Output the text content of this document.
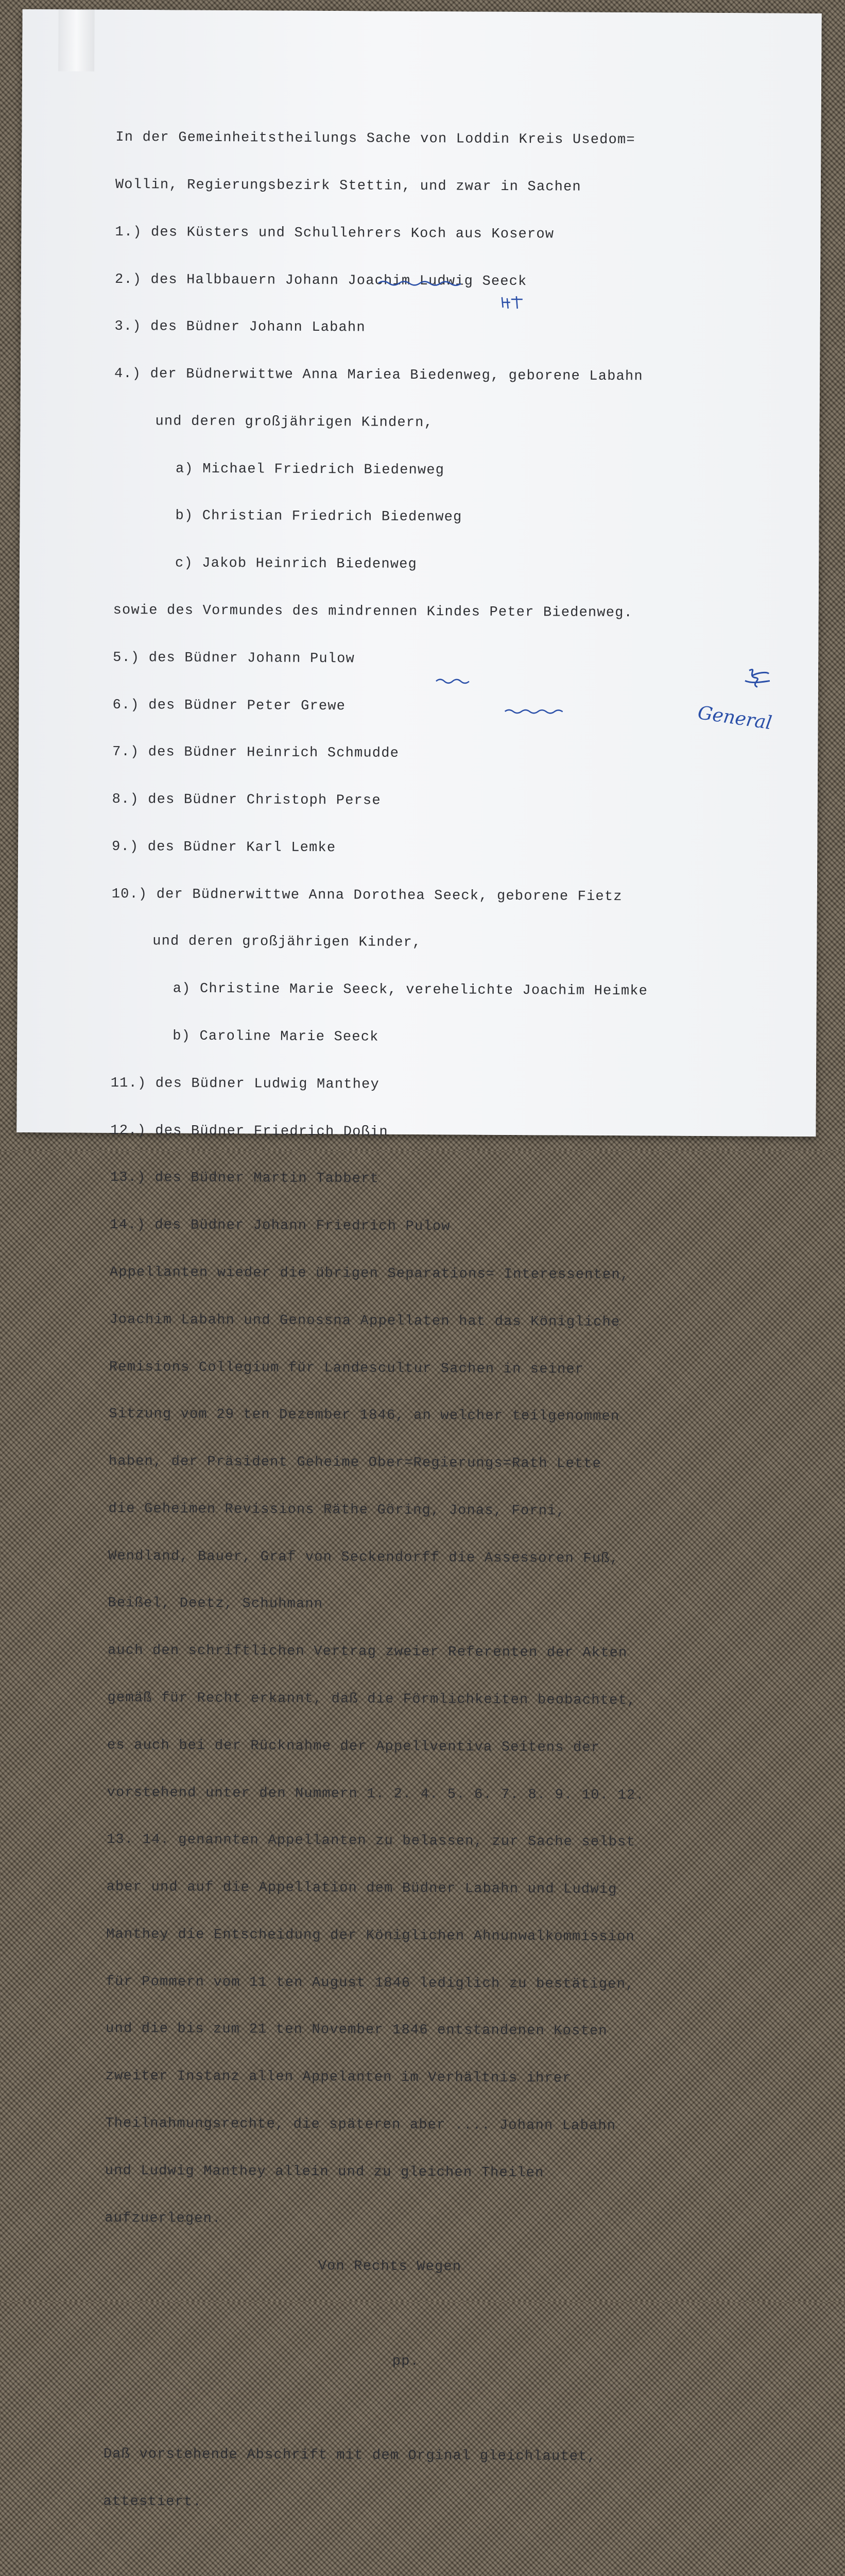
In der Gemeinheitstheilungs Sache von Loddin Kreis Usedom=

Wollin, Regierungsbezirk Stettin, und zwar in Sachen

1.) des Küsters und Schullehrers Koch aus Koserow

2.) des Halbbauern Johann Joachim Ludwig Seeck

3.) des Büdner Johann Labahn

4.) der Büdnerwittwe Anna Mariea Biedenweg, geborene Labahn

und deren großjährigen Kindern,

a) Michael Friedrich Biedenweg

b) Christian Friedrich Biedenweg

c) Jakob Heinrich Biedenweg

sowie des Vormundes des mindrennen Kindes Peter Biedenweg.

5.) des Büdner Johann Pulow

6.) des Büdner Peter Grewe

7.) des Büdner Heinrich Schmudde

8.) des Büdner Christoph Perse

9.) des Büdner Karl Lemke

10.) der Büdnerwittwe Anna Dorothea Seeck, geborene Fietz

und deren großjährigen Kinder,

a) Christine Marie Seeck, verehelichte Joachim Heimke

b) Caroline Marie Seeck

11.) des Büdner Ludwig Manthey

12.) des Büdner Friedrich Doßin

13.) des Büdner Martin Tabbert

14.) des Büdner Johann Friedrich Pulow

Appellanten wieder die übrigen Separations= Interessenten,

Joachim Labahn und Genossna Appellaten hat das Königliche

Remisions Collegium für Landescultur Sachen in seiner

Sitzung vom 29 ten Dezember 1846, an welcher teilgenommen

haben, der Präsident Geheime Ober=Regierungs=Rath Lette

die Geheimen Revissions Räthe Göring, Jonas, Forni,

Wendland, Bauer, Graf von Seckendorff die Assessoren Fuß,

Beißel, Deetz, Schuhmann

auch den schriftlichen Vertrag zweier Referenten der Akten

gemäß für Recht erkannt, daß die Förmlichkeiten beobachtet,

es auch bei der Rücknahme der Appellventiva Seitens der

vorstehend unter den Nummern 1. 2. 4. 5. 6. 7. 8. 9. 10. 12.

13. 14. genannten Appellanten zu belassen, zur Sache selbst

aber und auf die Appellation dem Büdner Labahn und Ludwig

Manthey die Entscheidung der Königlichen Ahnunwalkommission

für Pommern vom 11 ten August 1846 lediglich zu bestätigen,

und die bis zum 21 ten November 1846 entstandenen Kosten

zweiter Instanz allen Appelanten im Verhältnis ihrer

Theilnahmungsrechte, die späteren aber .... Johann Labahn

und Ludwig Manthey allein und zu gleichen Theilen

aufzuerlegen.

Von Rechts Wegen

pp.

Daß vorstehende Abschrift mit dem Orginal gleichlautet,

attestiert.

General
